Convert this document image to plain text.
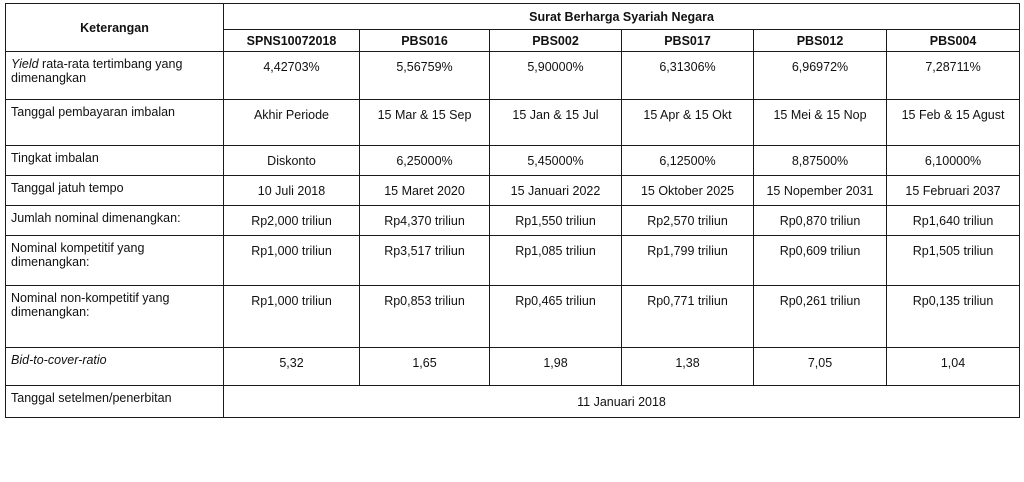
Keterangan	Surat Berharga Syariah Negara					
	SPNS10072018	PBS016	PBS002	PBS017	PBS012	PBS004
Yield rata-rata tertimbang yang dimenangkan	4,42703%	5,56759%	5,90000%	6,31306%	6,96972%	7,28711%
Tanggal pembayaran imbalan	Akhir Periode	15 Mar & 15 Sep	15 Jan & 15 Jul	15 Apr & 15 Okt	15 Mei & 15 Nop	15 Feb & 15 Agust
Tingkat imbalan	Diskonto	6,25000%	5,45000%	6,12500%	8,87500%	6,10000%
Tanggal jatuh tempo	10 Juli 2018	15 Maret 2020	15 Januari 2022	15 Oktober 2025	15 Nopember 2031	15 Februari 2037
Jumlah nominal dimenangkan:	Rp2,000 triliun	Rp4,370 triliun	Rp1,550 triliun	Rp2,570 triliun	Rp0,870 triliun	Rp1,640 triliun
Nominal kompetitif yang dimenangkan:	Rp1,000 triliun	Rp3,517 triliun	Rp1,085 triliun	Rp1,799 triliun	Rp0,609 triliun	Rp1,505 triliun
Nominal non-kompetitif yang dimenangkan:	Rp1,000 triliun	Rp0,853 triliun	Rp0,465 triliun	Rp0,771 triliun	Rp0,261 triliun	Rp0,135 triliun
Bid-to-cover-ratio	5,32	1,65	1,98	1,38	7,05	1,04
Tanggal setelmen/penerbitan	11 Januari 2018					
